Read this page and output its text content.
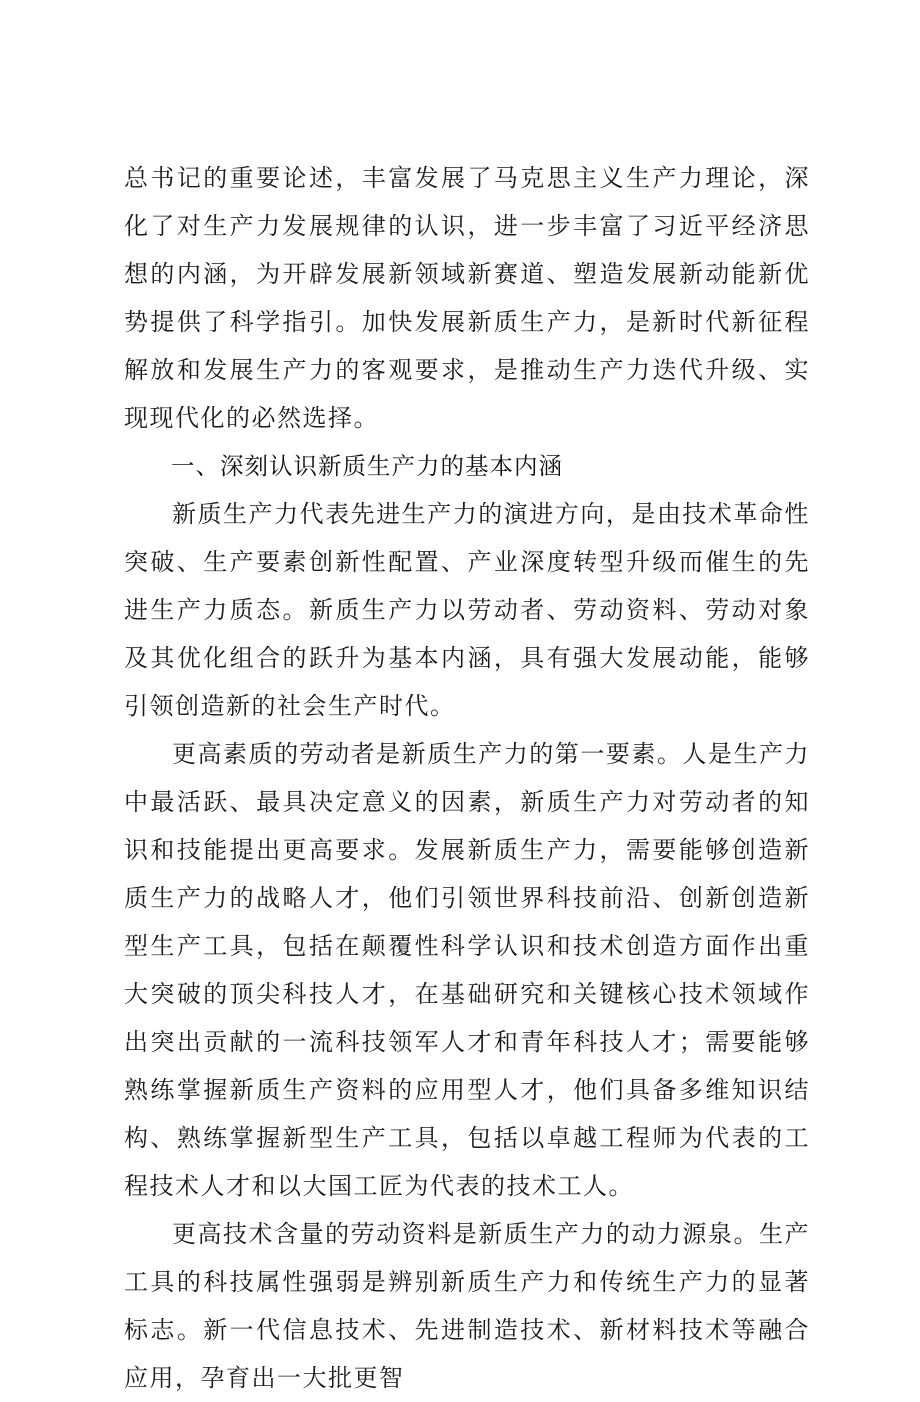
总书记的重要论述，丰富发展了马克思主义生产力理论，深化了对生产力发展规律的认识，进一步丰富了习近平经济思想的内涵，为开辟发展新领域新赛道、塑造发展新动能新优势提供了科学指引。加快发展新质生产力，是新时代新征程解放和发展生产力的客观要求，是推动生产力迭代升级、实现现代化的必然选择。

一、深刻认识新质生产力的基本内涵

新质生产力代表先进生产力的演进方向，是由技术革命性突破、生产要素创新性配置、产业深度转型升级而催生的先进生产力质态。新质生产力以劳动者、劳动资料、劳动对象及其优化组合的跃升为基本内涵，具有强大发展动能，能够引领创造新的社会生产时代。

更高素质的劳动者是新质生产力的第一要素。人是生产力中最活跃、最具决定意义的因素，新质生产力对劳动者的知识和技能提出更高要求。发展新质生产力，需要能够创造新质生产力的战略人才，他们引领世界科技前沿、创新创造新型生产工具，包括在颠覆性科学认识和技术创造方面作出重大突破的顶尖科技人才，在基础研究和关键核心技术领域作出突出贡献的一流科技领军人才和青年科技人才；需要能够熟练掌握新质生产资料的应用型人才，他们具备多维知识结构、熟练掌握新型生产工具，包括以卓越工程师为代表的工程技术人才和以大国工匠为代表的技术工人。

更高技术含量的劳动资料是新质生产力的动力源泉。生产工具的科技属性强弱是辨别新质生产力和传统生产力的显著标志。新一代信息技术、先进制造技术、新材料技术等融合应用，孕育出一大批更智
